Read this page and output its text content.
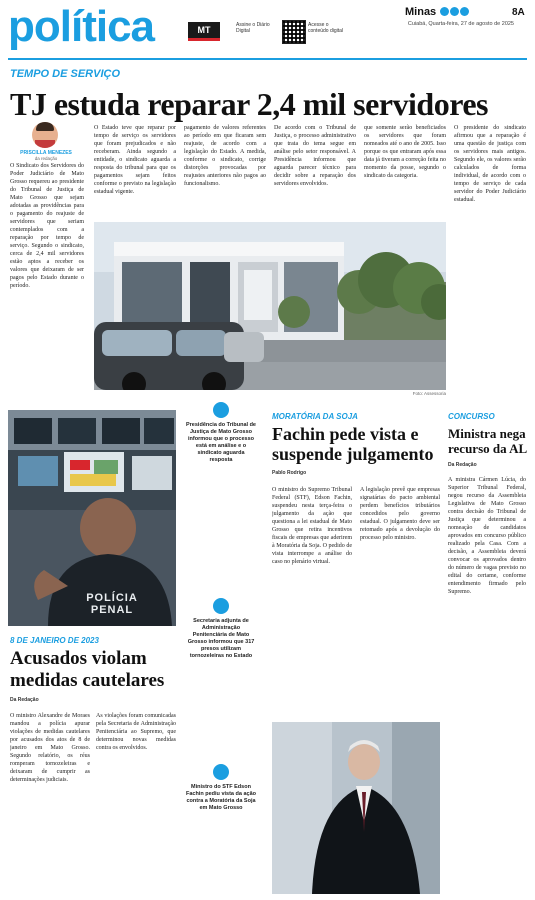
política	MT	Assine o Diário Digital
Acesse o conteúdo digital
Minas	8A
Cuiabá, Quarta-feira, 27 de agosto de 2025
TEMPO DE SERVIÇO
TJ estuda reparar 2,4 mil servidores
PRISCILLA MENEZES
da redação
O Sindicato dos Servidores do Poder Judiciário de Mato Grosso requereu ao presidente do Tribunal de Justiça de Mato Grosso que sejam adotadas as providências para o pagamento do reajuste de servidores que seriam contemplados com a reparação por tempo de serviço. Segundo o sindicato, cerca de 2,4 mil servidores estão aptos a receber os valores que deixaram de ser pagos pelo Estado durante o período.
O Estado teve que reparar por tempo de serviço os servidores que foram prejudicados e não receberam. Ainda segundo a entidade, o sindicato aguarda a resposta do tribunal para que os pagamentos sejam feitos conforme o previsto na legislação estadual vigente.
pagamento de valores referentes ao período em que ficaram sem reajuste, de acordo com a legislação do Estado. A medida, conforme o sindicato, corrige distorções provocadas por reajustes anteriores não pagos ao funcionalismo.
De acordo com o Tribunal de Justiça, o processo administrativo que trata do tema segue em análise pelo setor responsável. A Presidência informou que aguarda parecer técnico para decidir sobre a reparação dos servidores envolvidos.
que somente serão beneficiados os servidores que foram nomeados até o ano de 2005. Isso porque os que entraram após essa data já tiveram a correção feita no momento da posse, segundo o sindicato da categoria.
O presidente do sindicato afirmou que a reparação é uma questão de justiça com os servidores mais antigos. Segundo ele, os valores serão calculados de forma individual, de acordo com o tempo de serviço de cada servidor do Poder Judiciário estadual.
Foto: Assessoria
POLÍCIA PENAL
Presidência do Tribunal de Justiça de Mato Grosso informou que o processo está em análise e o sindicato aguarda resposta
Secretaria adjunta de Administração Penitenciária de Mato Grosso informou que 317 presos utilizam tornozeleiras no Estado
Ministro do STF Edson Fachin pediu vista da ação contra a Moratória da Soja em Mato Grosso
MORATÓRIA DA SOJA
Fachin pede vista e suspende julgamento
Pablo Rodrigo
O ministro do Supremo Tribunal Federal (STF), Edson Fachin, suspendeu nesta terça-feira o julgamento da ação que questiona a lei estadual de Mato Grosso que retira incentivos fiscais de empresas que aderirem à Moratória da Soja. O pedido de vista interrompe a análise do caso no plenário virtual.
A legislação prevê que empresas signatárias do pacto ambiental perdem benefícios tributários concedidos pelo governo estadual. O julgamento deve ser retomado após a devolução do processo pelo ministro.
8 DE JANEIRO DE 2023
Acusados violam medidas cautelares
Da Redação
O ministro Alexandre de Moraes mandou a polícia apurar violações de medidas cautelares por acusados dos atos de 8 de janeiro em Mato Grosso. Segundo relatório, os réus romperam tornozeleiras e deixaram de cumprir as determinações judiciais.
As violações foram comunicadas pela Secretaria de Administração Penitenciária ao Supremo, que determinou novas medidas contra os envolvidos.
CONCURSO
Ministra nega recurso da AL
Da Redação
A ministra Cármen Lúcia, do Superior Tribunal Federal, negou recurso da Assembleia Legislativa de Mato Grosso contra decisão do Tribunal de Justiça que determinou a nomeação de candidatos aprovados em concurso público realizado pela Casa. Com a decisão, a Assembleia deverá convocar os aprovados dentro do número de vagas previsto no edital do certame, conforme entendimento firmado pelo Supremo.
